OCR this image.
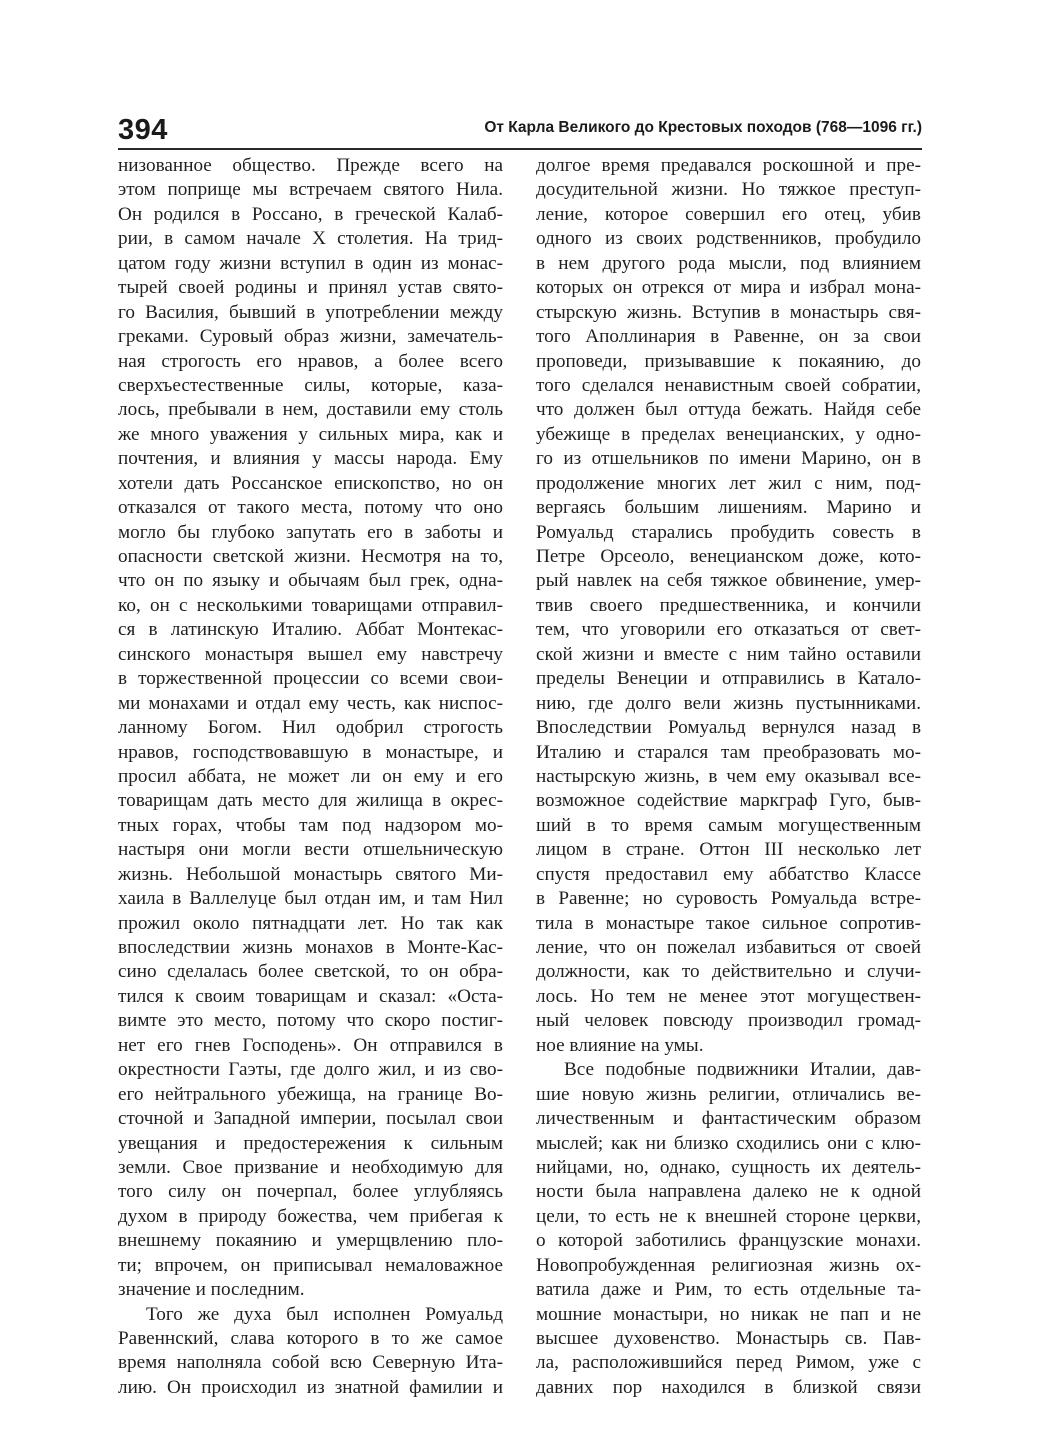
394	От Карла Великого до Крестовых походов (768—1096 гг.)
низованное общество. Прежде всего на
этом поприще мы встречаем святого Нила.
Он родился в Россано, в греческой Калаб-
рии, в самом начале X столетия. На трид-
цатом году жизни вступил в один из монас-
тырей своей родины и принял устав свято-
го Василия, бывший в употреблении между
греками. Суровый образ жизни, замечатель-
ная строгость его нравов, а более всего
сверхъестественные силы, которые, каза-
лось, пребывали в нем, доставили ему столь
же много уважения у сильных мира, как и
почтения, и влияния у массы народа. Ему
хотели дать Россанское епископство, но он
отказался от такого места, потому что оно
могло бы глубоко запутать его в заботы и
опасности светской жизни. Несмотря на то,
что он по языку и обычаям был грек, одна-
ко, он с несколькими товарищами отправил-
ся в латинскую Италию. Аббат Монтекас-
синского монастыря вышел ему навстречу
в торжественной процессии со всеми свои-
ми монахами и отдал ему честь, как ниспос-
ланному Богом. Нил одобрил строгость
нравов, господствовавшую в монастыре, и
просил аббата, не может ли он ему и его
товарищам дать место для жилища в окрес-
тных горах, чтобы там под надзором мо-
настыря они могли вести отшельническую
жизнь. Небольшой монастырь святого Ми-
хаила в Валлелуце был отдан им, и там Нил
прожил около пятнадцати лет. Но так как
впоследствии жизнь монахов в Монте-Кас-
сино сделалась более светской, то он обра-
тился к своим товарищам и сказал: «Оста-
вимте это место, потому что скоро постиг-
нет его гнев Господень». Он отправился в
окрестности Гаэты, где долго жил, и из сво-
его нейтрального убежища, на границе Во-
сточной и Западной империи, посылал свои
увещания и предостережения к сильным
земли. Свое призвание и необходимую для
того силу он почерпал, более углубляясь
духом в природу божества, чем прибегая к
внешнему покаянию и умерщвлению пло-
ти; впрочем, он приписывал немаловажное
значение и последним.
Того же духа был исполнен Ромуальд
Равеннский, слава которого в то же самое
время наполняла собой всю Северную Ита-
лию. Он происходил из знатной фамилии и
долгое время предавался роскошной и пре-
досудительной жизни. Но тяжкое преступ-
ление, которое совершил его отец, убив
одного из своих родственников, пробудило
в нем другого рода мысли, под влиянием
которых он отрекся от мира и избрал мона-
стырскую жизнь. Вступив в монастырь свя-
того Аполлинария в Равенне, он за свои
проповеди, призывавшие к покаянию, до
того сделался ненавистным своей собратии,
что должен был оттуда бежать. Найдя себе
убежище в пределах венецианских, у одно-
го из отшельников по имени Марино, он в
продолжение многих лет жил с ним, под-
вергаясь большим лишениям. Марино и
Ромуальд старались пробудить совесть в
Петре Орсеоло, венецианском доже, кото-
рый навлек на себя тяжкое обвинение, умер-
твив своего предшественника, и кончили
тем, что уговорили его отказаться от свет-
ской жизни и вместе с ним тайно оставили
пределы Венеции и отправились в Катало-
нию, где долго вели жизнь пустынниками.
Впоследствии Ромуальд вернулся назад в
Италию и старался там преобразовать мо-
настырскую жизнь, в чем ему оказывал все-
возможное содействие маркграф Гуго, быв-
ший в то время самым могущественным
лицом в стране. Оттон III несколько лет
спустя предоставил ему аббатство Классе
в Равенне; но суровость Ромуальда встре-
тила в монастыре такое сильное сопротив-
ление, что он пожелал избавиться от своей
должности, как то действительно и случи-
лось. Но тем не менее этот могуществен-
ный человек повсюду производил громад-
ное влияние на умы.
Все подобные подвижники Италии, дав-
шие новую жизнь религии, отличались ве-
личественным и фантастическим образом
мыслей; как ни близко сходились они с клю-
нийцами, но, однако, сущность их деятель-
ности была направлена далеко не к одной
цели, то есть не к внешней стороне церкви,
о которой заботились французские монахи.
Новопробужденная религиозная жизнь ох-
ватила даже и Рим, то есть отдельные та-
мошние монастыри, но никак не пап и не
высшее духовенство. Монастырь св. Пав-
ла, расположившийся перед Римом, уже с
давних пор находился в близкой связи
